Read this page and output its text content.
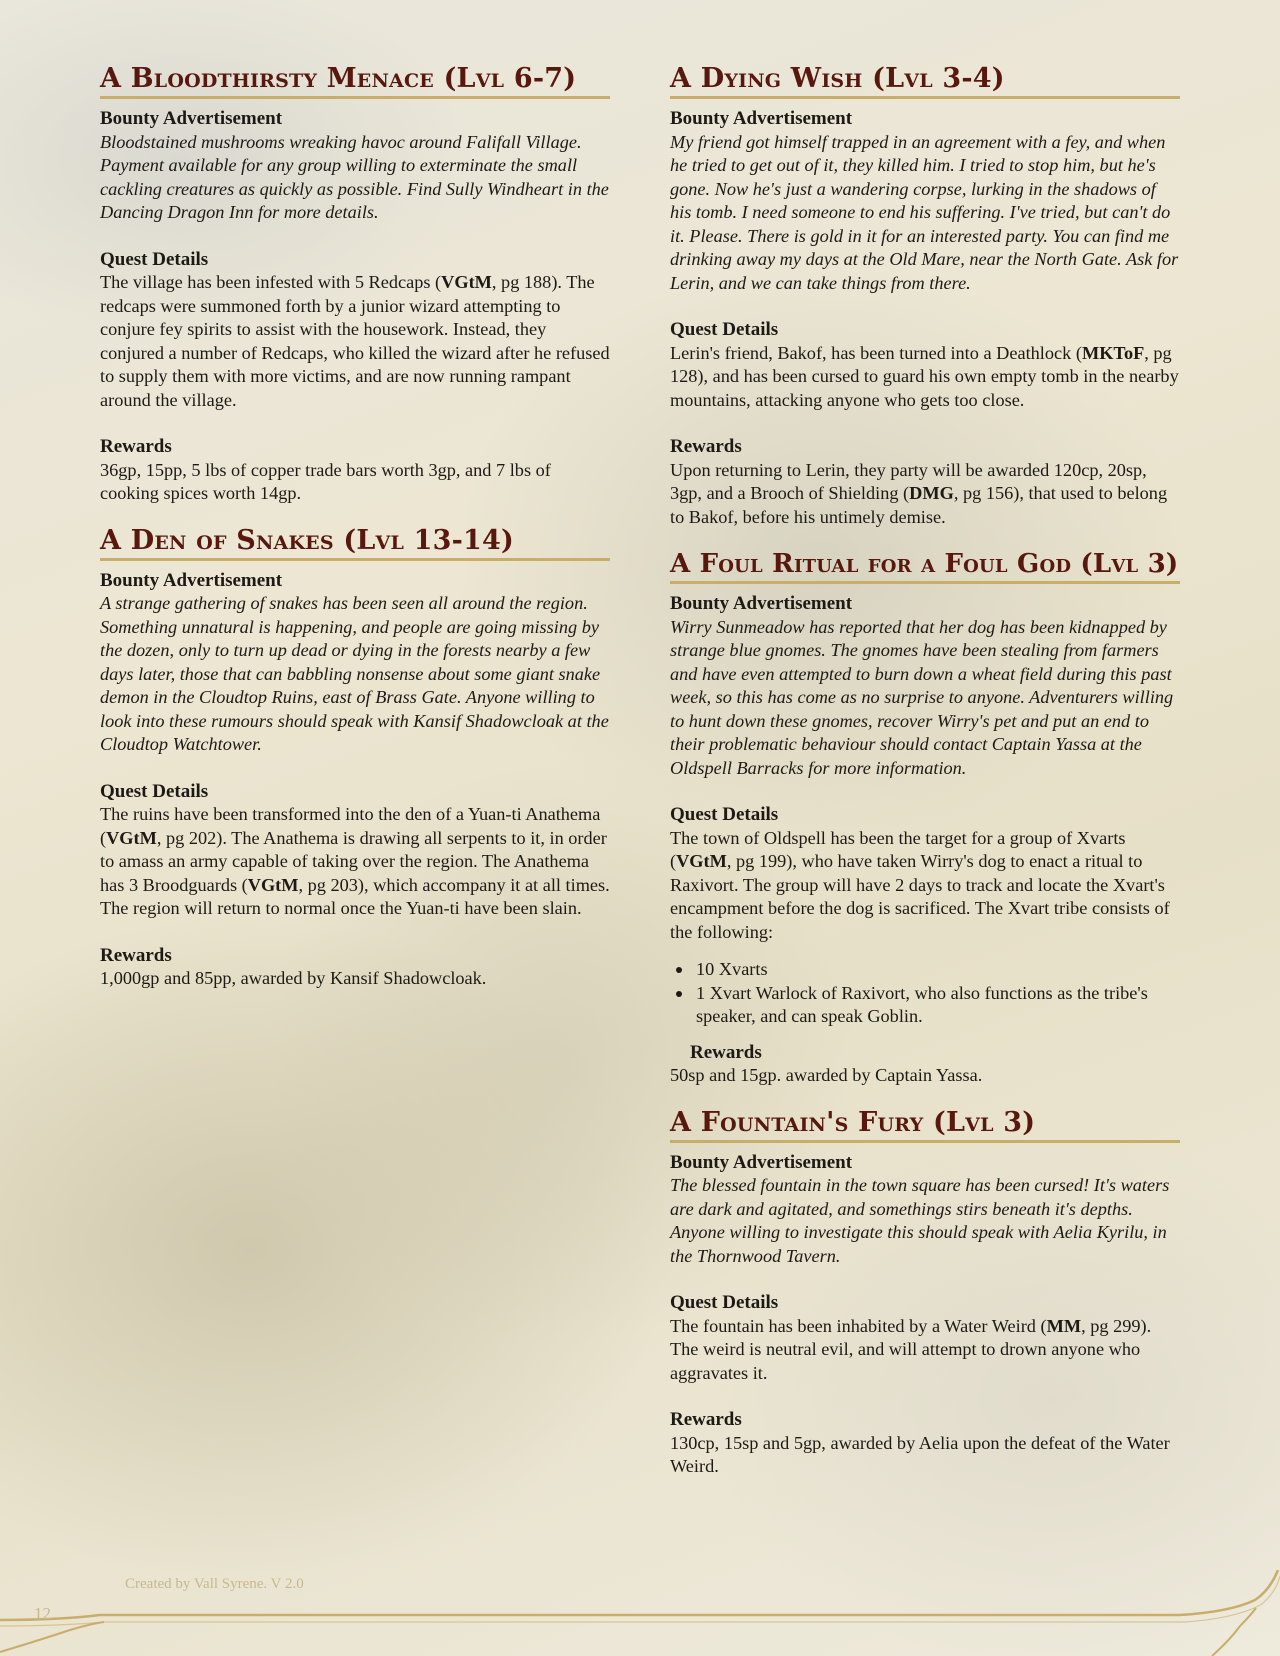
A Bloodthirsty Menace (Lvl 6-7)
Bounty Advertisement

Bloodstained mushrooms wreaking havoc around Falifall Village. Payment available for any group willing to exterminate the small cackling creatures as quickly as possible. Find Sully Windheart in the Dancing Dragon Inn for more details.

Quest Details

The village has been infested with 5 Redcaps (VGtM, pg 188). The redcaps were summoned forth by a junior wizard attempting to conjure fey spirits to assist with the housework. Instead, they conjured a number of Redcaps, who killed the wizard after he refused to supply them with more victims, and are now running rampant around the village.

Rewards

36gp, 15pp, 5 lbs of copper trade bars worth 3gp, and 7 lbs of cooking spices worth 14gp.

A Den of Snakes (Lvl 13-14)
Bounty Advertisement

A strange gathering of snakes has been seen all around the region. Something unnatural is happening, and people are going missing by the dozen, only to turn up dead or dying in the forests nearby a few days later, those that can babbling nonsense about some giant snake demon in the Cloudtop Ruins, east of Brass Gate. Anyone willing to look into these rumours should speak with Kansif Shadowcloak at the Cloudtop Watchtower.

Quest Details

The ruins have been transformed into the den of a Yuan-ti Anathema (VGtM, pg 202). The Anathema is drawing all serpents to it, in order to amass an army capable of taking over the region. The Anathema has 3 Broodguards (VGtM, pg 203), which accompany it at all times. The region will return to normal once the Yuan-ti have been slain.

Rewards

1,000gp and 85pp, awarded by Kansif Shadowcloak.

A Dying Wish (Lvl 3-4)
Bounty Advertisement

My friend got himself trapped in an agreement with a fey, and when he tried to get out of it, they killed him. I tried to stop him, but he's gone. Now he's just a wandering corpse, lurking in the shadows of his tomb. I need someone to end his suffering. I've tried, but can't do it. Please. There is gold in it for an interested party. You can find me drinking away my days at the Old Mare, near the North Gate. Ask for Lerin, and we can take things from there.

Quest Details

Lerin's friend, Bakof, has been turned into a Deathlock (MKToF, pg 128), and has been cursed to guard his own empty tomb in the nearby mountains, attacking anyone who gets too close.

Rewards

Upon returning to Lerin, they party will be awarded 120cp, 20sp, 3gp, and a Brooch of Shielding (DMG, pg 156), that used to belong to Bakof, before his untimely demise.

A Foul Ritual for a Foul God (Lvl 3)
Bounty Advertisement

Wirry Sunmeadow has reported that her dog has been kidnapped by strange blue gnomes. The gnomes have been stealing from farmers and have even attempted to burn down a wheat field during this past week, so this has come as no surprise to anyone. Adventurers willing to hunt down these gnomes, recover Wirry's pet and put an end to their problematic behaviour should contact Captain Yassa at the Oldspell Barracks for more information.

Quest Details

The town of Oldspell has been the target for a group of Xvarts (VGtM, pg 199), who have taken Wirry's dog to enact a ritual to Raxivort. The group will have 2 days to track and locate the Xvart's encampment before the dog is sacrificed. The Xvart tribe consists of the following:

10 Xvarts
1 Xvart Warlock of Raxivort, who also functions as the tribe's speaker, and can speak Goblin.
Rewards

50sp and 15gp. awarded by Captain Yassa.

A Fountain's Fury (Lvl 3)
Bounty Advertisement

The blessed fountain in the town square has been cursed! It's waters are dark and agitated, and somethings stirs beneath it's depths. Anyone willing to investigate this should speak with Aelia Kyrilu, in the Thornwood Tavern.

Quest Details

The fountain has been inhabited by a Water Weird (MM, pg 299). The weird is neutral evil, and will attempt to drown anyone who aggravates it.

Rewards

130cp, 15sp and 5gp, awarded by Aelia upon the defeat of the Water Weird.

Created by Vall Syrene. V 2.0
12
